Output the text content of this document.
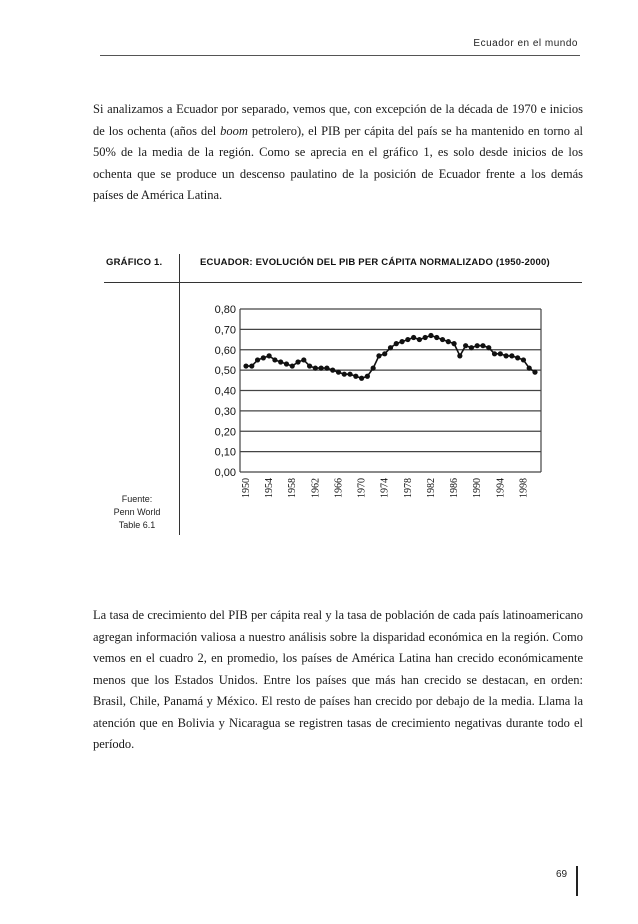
Ecuador en el mundo

Si analizamos a Ecuador por separado, vemos que, con excepción de la década de 1970 e inicios de los ochenta (años del boom petrolero), el PIB per cápita del país se ha mantenido en torno al 50% de la media de la región. Como se aprecia en el gráfico 1, es solo desde inicios de los ochenta que se produce un descenso paulatino de la posición de Ecuador frente a los demás países de América Latina.

GRÁFICO 1.	ECUADOR: EVOLUCIÓN DEL PIB PER CÁPITA NORMALIZADO (1950-2000)
Fuente:
Penn World
Table 6.1
0,00
0,10
0,20
0,30
0,40
0,50
0,60
0,70
0,80
1950 1954 1958 1962 1966 1970 1974 1978 1982 1986 1990 1994 1998

La tasa de crecimiento del PIB per cápita real y la tasa de población de cada país latinoamericano agregan información valiosa a nuestro análisis sobre la disparidad económica en la región. Como vemos en el cuadro 2, en promedio, los países de América Latina han crecido económicamente menos que los Estados Unidos. Entre los países que más han crecido se destacan, en orden: Brasil, Chile, Panamá y México. El resto de países han crecido por debajo de la media. Llama la atención que en Bolivia y Nicaragua se registren tasas de crecimiento negativas durante todo el período.

69
